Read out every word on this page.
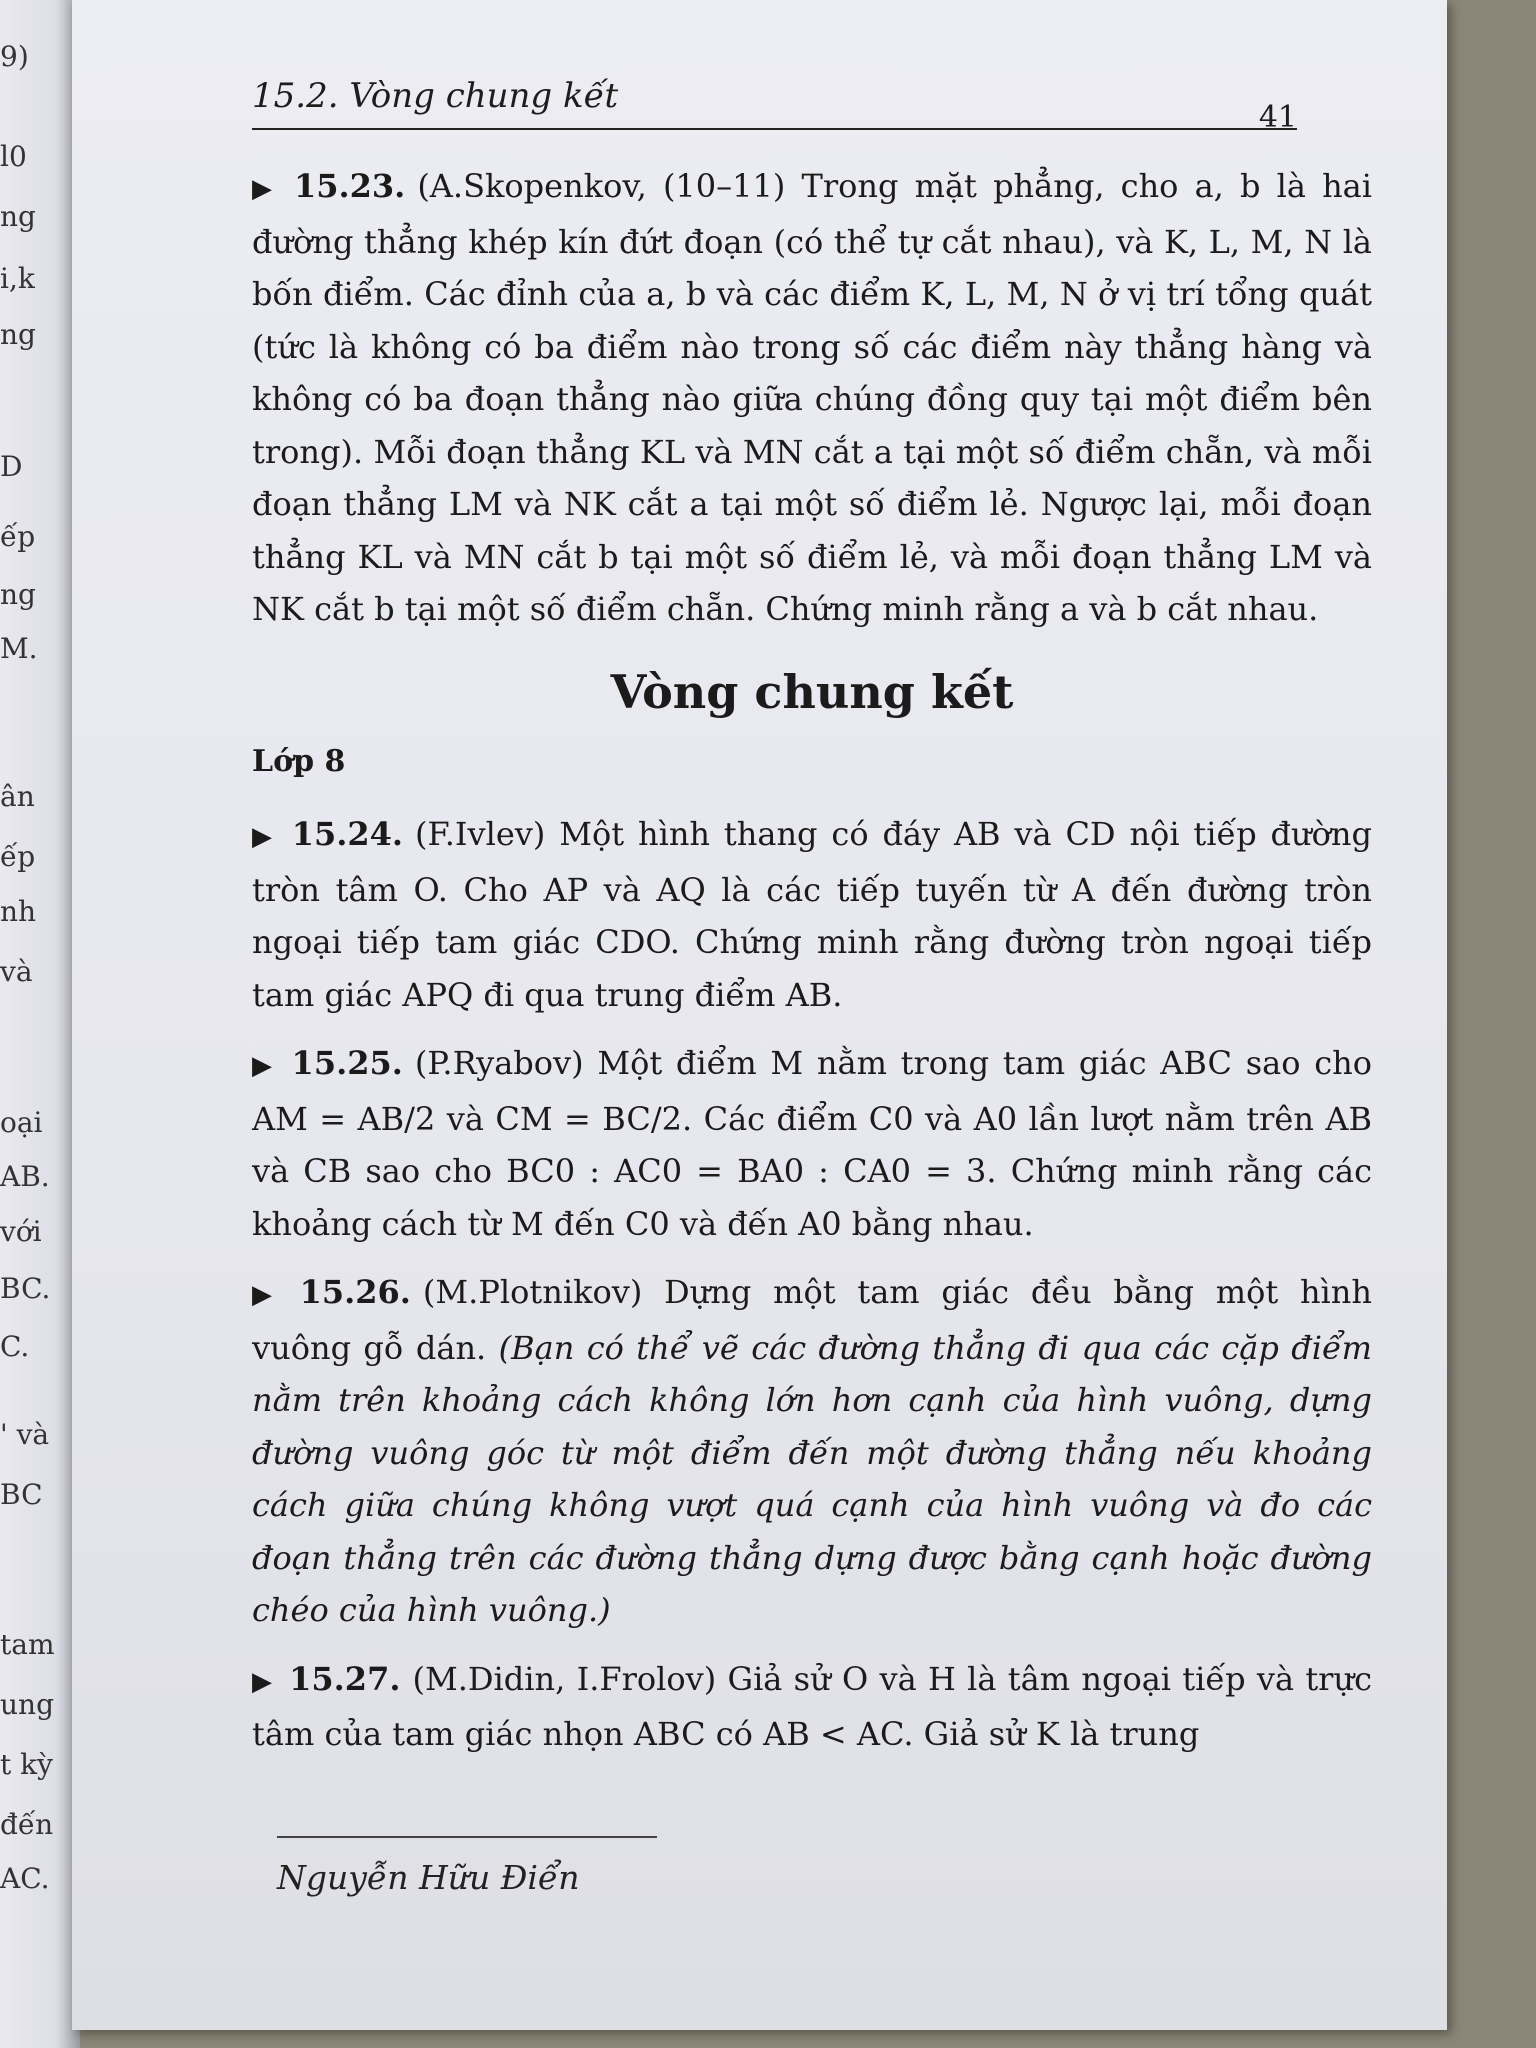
9)
l0
ng
i,k
ng
D
ếp
ng
M.
ân
ếp
nh
và
oại
AB.
với
BC.
C.
' và
BC
tam
ung
t kỳ
đến
AC.
15.2. Vòng chung kết
41

▶ 15.23. (A.Skopenkov, (10–11) Trong mặt phẳng, cho a, b là hai đường thẳng khép kín đứt đoạn (có thể tự cắt nhau), và K, L, M, N là bốn điểm. Các đỉnh của a, b và các điểm K, L, M, N ở vị trí tổng quát (tức là không có ba điểm nào trong số các điểm này thẳng hàng và không có ba đoạn thẳng nào giữa chúng đồng quy tại một điểm bên trong). Mỗi đoạn thẳng KL và MN cắt a tại một số điểm chẵn, và mỗi đoạn thẳng LM và NK cắt a tại một số điểm lẻ. Ngược lại, mỗi đoạn thẳng KL và MN cắt b tại một số điểm lẻ, và mỗi đoạn thẳng LM và NK cắt b tại một số điểm chẵn. Chứng minh rằng a và b cắt nhau.

Vòng chung kết
Lớp 8

▶ 15.24. (F.Ivlev) Một hình thang có đáy AB và CD nội tiếp đường tròn tâm O. Cho AP và AQ là các tiếp tuyến từ A đến đường tròn ngoại tiếp tam giác CDO. Chứng minh rằng đường tròn ngoại tiếp tam giác APQ đi qua trung điểm AB.

▶ 15.25. (P.Ryabov) Một điểm M nằm trong tam giác ABC sao cho AM = AB/2 và CM = BC/2. Các điểm C0 và A0 lần lượt nằm trên AB và CB sao cho BC0 : AC0 = BA0 : CA0 = 3. Chứng minh rằng các khoảng cách từ M đến C0 và đến A0 bằng nhau.

▶ 15.26. (M.Plotnikov) Dựng một tam giác đều bằng một hình vuông gỗ dán. (Bạn có thể vẽ các đường thẳng đi qua các cặp điểm nằm trên khoảng cách không lớn hơn cạnh của hình vuông, dựng đường vuông góc từ một điểm đến một đường thẳng nếu khoảng cách giữa chúng không vượt quá cạnh của hình vuông và đo các đoạn thẳng trên các đường thẳng dựng được bằng cạnh hoặc đường chéo của hình vuông.)

▶ 15.27. (M.Didin, I.Frolov) Giả sử O và H là tâm ngoại tiếp và trực tâm của tam giác nhọn ABC có AB < AC. Giả sử K là trung

Nguyễn Hữu Điển
